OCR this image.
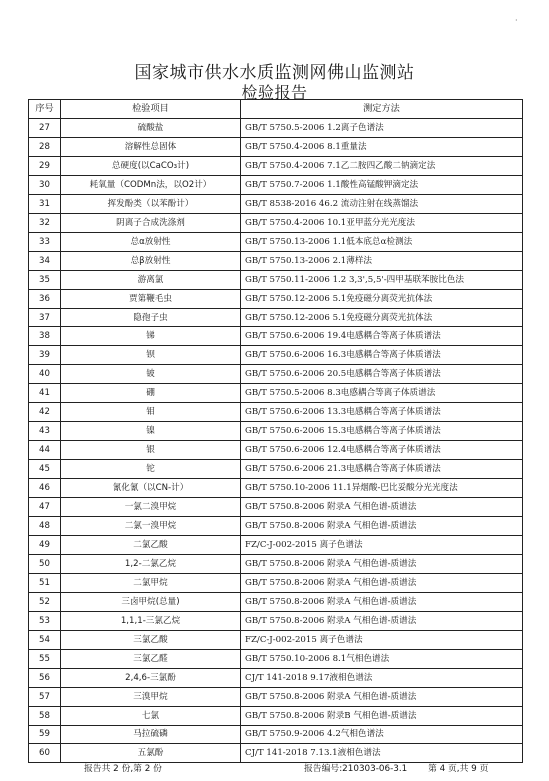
·
国家城市供水水质监测网佛山监测站
检验报告
序号	检验项目	测定方法
27	硫酸盐	GB/T 5750.5-2006 1.2离子色谱法
28	溶解性总固体	GB/T 5750.4-2006 8.1重量法
29	总硬度(以CaCO₃计)	GB/T 5750.4-2006 7.1乙二胺四乙酸二钠滴定法
30	耗氧量（CODMn法，以O2计）	GB/T 5750.7-2006 1.1酸性高锰酸钾滴定法
31	挥发酚类（以苯酚计）	GB/T 8538-2016 46.2 流动注射在线蒸馏法
32	阴离子合成洗涤剂	GB/T 5750.4-2006 10.1亚甲蓝分光光度法
33	总α放射性	GB/T 5750.13-2006 1.1低本底总α检测法
34	总β放射性	GB/T 5750.13-2006 2.1薄样法
35	游离氯	GB/T 5750.11-2006 1.2 3,3',5,5'-四甲基联苯胺比色法
36	贾第鞭毛虫	GB/T 5750.12-2006 5.1免疫磁分离荧光抗体法
37	隐孢子虫	GB/T 5750.12-2006 5.1免疫磁分离荧光抗体法
38	锑	GB/T 5750.6-2006 19.4电感耦合等离子体质谱法
39	钡	GB/T 5750.6-2006 16.3电感耦合等离子体质谱法
40	铍	GB/T 5750.6-2006 20.5电感耦合等离子体质谱法
41	硼	GB/T 5750.5-2006 8.3电感耦合等离子体质谱法
42	钼	GB/T 5750.6-2006 13.3电感耦合等离子体质谱法
43	镍	GB/T 5750.6-2006 15.3电感耦合等离子体质谱法
44	银	GB/T 5750.6-2006 12.4电感耦合等离子体质谱法
45	铊	GB/T 5750.6-2006 21.3电感耦合等离子体质谱法
46	氰化氰（以CN-计）	GB/T 5750.10-2006 11.1异烟酸-巴比妥酸分光光度法
47	一氯二溴甲烷	GB/T 5750.8-2006 附录A 气相色谱-质谱法
48	二氯一溴甲烷	GB/T 5750.8-2006 附录A 气相色谱-质谱法
49	二氯乙酸	FZ/C-J-002-2015 离子色谱法
50	1,2-二氯乙烷	GB/T 5750.8-2006 附录A 气相色谱-质谱法
51	二氯甲烷	GB/T 5750.8-2006 附录A 气相色谱-质谱法
52	三卤甲烷(总量)	GB/T 5750.8-2006 附录A 气相色谱-质谱法
53	1,1,1-三氯乙烷	GB/T 5750.8-2006 附录A 气相色谱-质谱法
54	三氯乙酸	FZ/C-J-002-2015 离子色谱法
55	三氯乙醛	GB/T 5750.10-2006 8.1气相色谱法
56	2,4,6-三氯酚	CJ/T 141-2018 9.17液相色谱法
57	三溴甲烷	GB/T 5750.8-2006 附录A 气相色谱-质谱法
58	七氯	GB/T 5750.8-2006 附录B 气相色谱-质谱法
59	马拉硫磷	GB/T 5750.9-2006 4.2气相色谱法
60	五氯酚	CJ/T 141-2018 7.13.1液相色谱法
报告共 2 份,第 2 份	报告编号:210303-06-3.1 第 4 页,共 9 页
